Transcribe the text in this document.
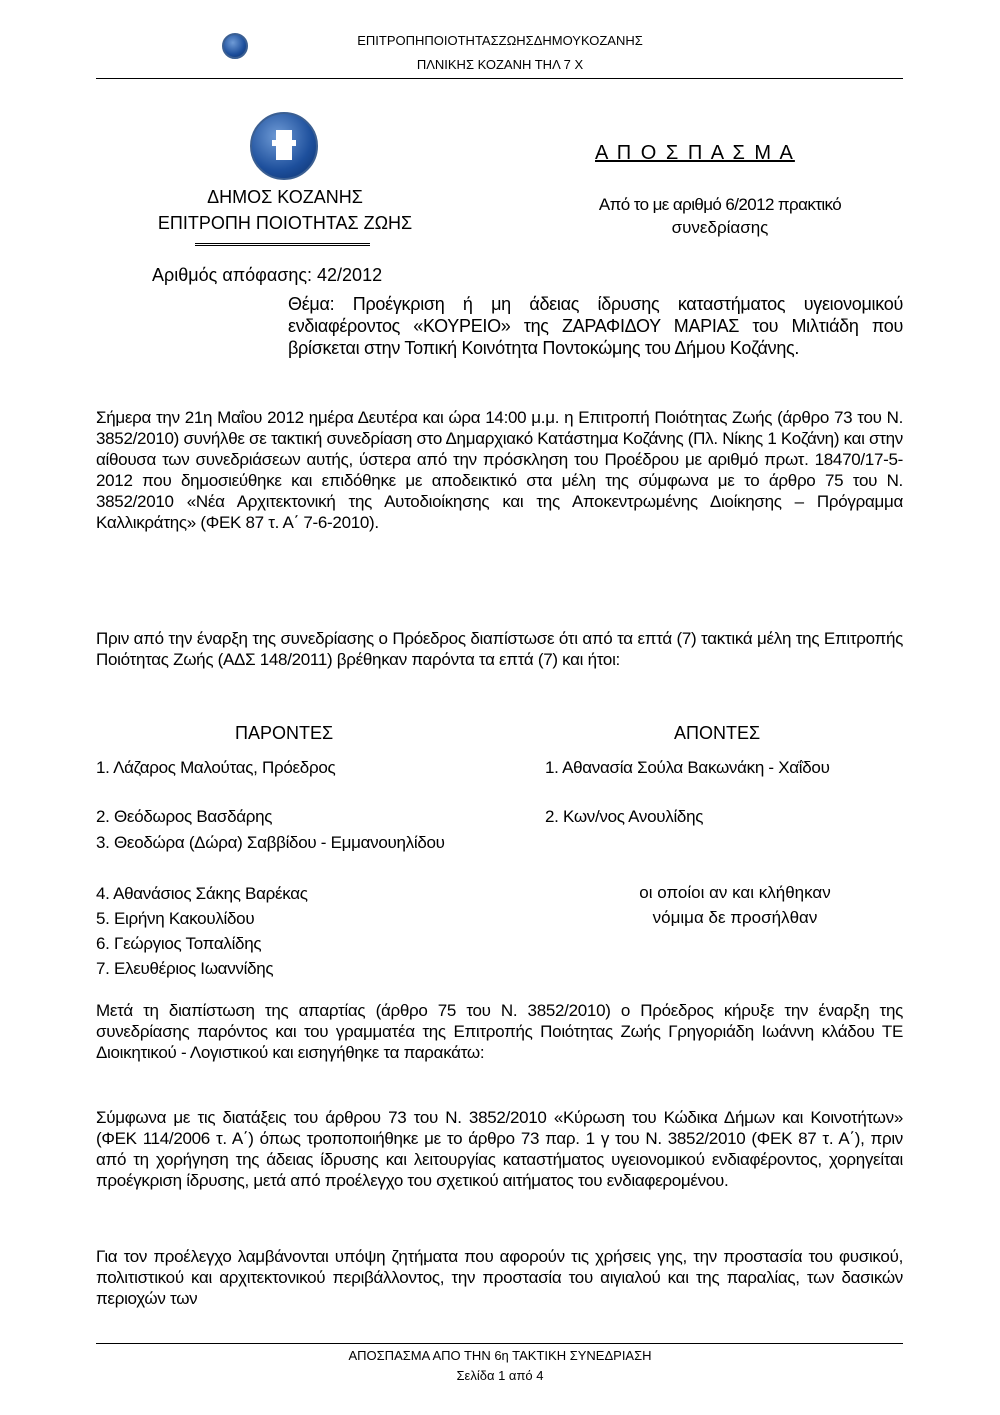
ΕΠΙΤΡΟΠΗΠΟΙΟΤΗΤΑΣΖΩΗΣΔΗΜΟΥΚΟΖΑΝΗΣ
ΠΛΝΙΚΗΣ ΚΟΖΑΝΗ ΤΗΛ 7 Χ
ΔΗΜΟΣ ΚΟΖΑΝΗΣ
ΕΠΙΤΡΟΠΗ ΠΟΙΟΤΗΤΑΣ ΖΩΗΣ
Αριθμός απόφασης: 42/2012
Α Π Ο Σ Π Α Σ Μ Α
Από το με αριθμό 6/2012 πρακτικό
συνεδρίασης
Θέμα: Προέγκριση ή μη άδειας ίδρυσης καταστήματος υγειονομικού ενδιαφέροντος «ΚΟΥΡΕΙΟ» της ΖΑΡΑΦΙΔΟΥ ΜΑΡΙΑΣ του Μιλτιάδη που βρίσκεται στην Τοπική Κοινότητα Ποντοκώμης του Δήμου Κοζάνης.
Σήμερα την 21η Μαΐου 2012 ημέρα Δευτέρα και ώρα 14:00 μ.μ. η Επιτροπή Ποιότητας Ζωής (άρθρο 73 του Ν. 3852/2010) συνήλθε σε τακτική συνεδρίαση στο Δημαρχιακό Κατάστημα Κοζάνης (Πλ. Νίκης 1 Κοζάνη) και στην αίθουσα των συνεδριάσεων αυτής, ύστερα από την πρόσκληση του Προέδρου με αριθμό πρωτ. 18470/17-5-2012 που δημοσιεύθηκε και επιδόθηκε με αποδεικτικό στα μέλη της σύμφωνα με το άρθρο 75 του Ν. 3852/2010 «Νέα Αρχιτεκτονική της Αυτοδιοίκησης και της Αποκεντρωμένης Διοίκησης – Πρόγραμμα Καλλικράτης» (ΦΕΚ 87 τ. Α΄ 7-6-2010).
Πριν από την έναρξη της συνεδρίασης ο Πρόεδρος διαπίστωσε ότι από τα επτά (7) τακτικά μέλη της Επιτροπής Ποιότητας Ζωής (ΑΔΣ 148/2011) βρέθηκαν παρόντα τα επτά (7) και ήτοι:
ΠΑΡΟΝΤΕΣ	ΑΠΟΝΤΕΣ
1. Λάζαρος Μαλούτας, Πρόεδρος
2. Θεόδωρος Βασδάρης
3. Θεοδώρα (Δώρα) Σαββίδου - Εμμανουηλίδου
4. Αθανάσιος Σάκης Βαρέκας
5. Ειρήνη Κακουλίδου
6. Γεώργιος Τοπαλίδης
7. Ελευθέριος Ιωαννίδης
1. Αθανασία Σούλα Βακωνάκη - Χαΐδου
2. Κων/νος Ανουλίδης
οι οποίοι αν και κλήθηκαν
νόμιμα δε προσήλθαν
Μετά τη διαπίστωση της απαρτίας (άρθρο 75 του Ν. 3852/2010) ο Πρόεδρος κήρυξε την έναρξη της συνεδρίασης παρόντος και του γραμματέα της Επιτροπής Ποιότητας Ζωής Γρηγοριάδη Ιωάννη κλάδου ΤΕ Διοικητικού - Λογιστικού και εισηγήθηκε τα παρακάτω:
Σύμφωνα με τις διατάξεις του άρθρου 73 του Ν. 3852/2010 «Κύρωση του Κώδικα Δήμων και Κοινοτήτων» (ΦΕΚ 114/2006 τ. Α΄) όπως τροποποιήθηκε με το άρθρο 73 παρ. 1 γ του Ν. 3852/2010 (ΦΕΚ 87 τ. Α΄), πριν από τη χορήγηση της άδειας ίδρυσης και λειτουργίας καταστήματος υγειονομικού ενδιαφέροντος, χορηγείται προέγκριση ίδρυσης, μετά από προέλεγχο του σχετικού αιτήματος του ενδιαφερομένου.
Για τον προέλεγχο λαμβάνονται υπόψη ζητήματα που αφορούν τις χρήσεις γης, την προστασία του φυσικού, πολιτιστικού και αρχιτεκτονικού περιβάλλοντος, την προστασία του αιγιαλού και της παραλίας, των δασικών περιοχών των
ΑΠΟΣΠΑΣΜΑ ΑΠΟ ΤΗΝ 6η ΤΑΚΤΙΚΗ ΣΥΝΕΔΡΙΑΣΗ
Σελίδα 1 από 4
